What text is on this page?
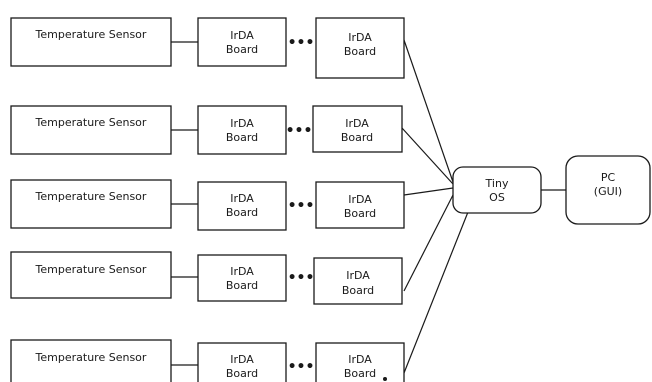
Temperature Sensor	IrDA
Board •••	IrDA
Board
Temperature Sensor	IrDA
Board •••	IrDA
Board
Temperature Sensor	IrDA
Board •••	IrDA
Board
Temperature Sensor	IrDA
Board •••	IrDA
Board
Temperature Sensor	IrDA
Board •••	IrDA
Board
Tiny
OS
PC
(GUI)
